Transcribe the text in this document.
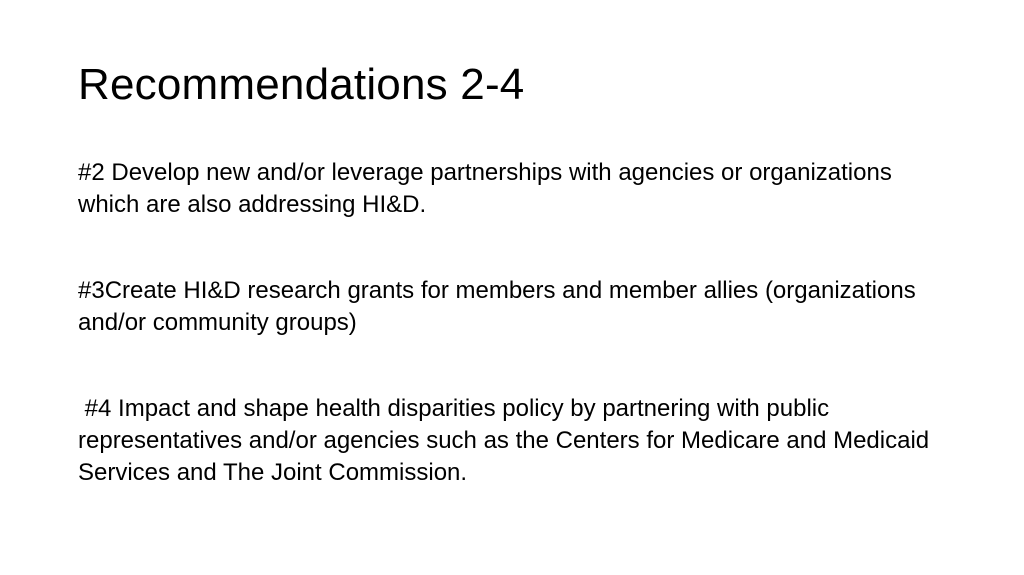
Recommendations 2-4

#2 Develop new and/or leverage partnerships with agencies or organizations which are also addressing HI&D.

#3Create HI&D research grants for members and member allies (organizations and/or community groups)

#4 Impact and shape health disparities policy by partnering with public representatives and/or agencies such as the Centers for Medicare and Medicaid Services and The Joint Commission.
